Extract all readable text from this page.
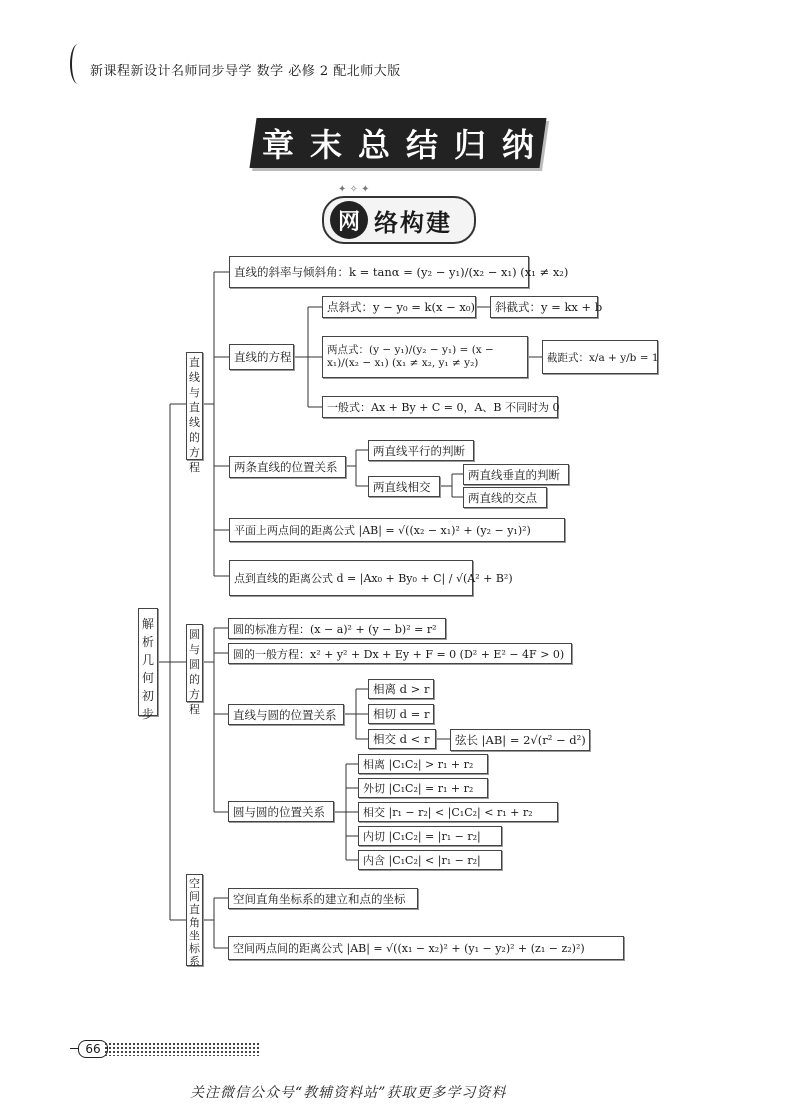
新课程新设计名师同步导学 数学 必修 2 配北师大版
章 末 总 结 归 纳
✦ ✧ ✦
网 络构建
解析几何初步
直线与直线的方程
圆与圆的方程
空间直角坐标系
直线的斜率与倾斜角：k = tanα = (y₂ − y₁)/(x₂ − x₁) (x₁ ≠ x₂)
直线的方程
点斜式：y − y₀ = k(x − x₀)	斜截式：y = kx + b
两点式：(y − y₁)/(y₂ − y₁) = (x − x₁)/(x₂ − x₁) (x₁ ≠ x₂, y₁ ≠ y₂)	截距式：x/a + y/b = 1
一般式：Ax + By + C = 0，A、B 不同时为 0
两条直线的位置关系
两直线平行的判断
两直线相交
两直线垂直的判断
两直线的交点
平面上两点间的距离公式 |AB| = √((x₂ − x₁)² + (y₂ − y₁)²)
点到直线的距离公式 d = |Ax₀ + By₀ + C| / √(A² + B²)
圆的标准方程：(x − a)² + (y − b)² = r²
圆的一般方程：x² + y² + Dx + Ey + F = 0 (D² + E² − 4F > 0)
直线与圆的位置关系
相离 d > r
相切 d = r
相交 d < r	弦长 |AB| = 2√(r² − d²)
圆与圆的位置关系
相离 |C₁C₂| > r₁ + r₂
外切 |C₁C₂| = r₁ + r₂
相交 |r₁ − r₂| < |C₁C₂| < r₁ + r₂
内切 |C₁C₂| = |r₁ − r₂|
内含 |C₁C₂| < |r₁ − r₂|
空间直角坐标系的建立和点的坐标
空间两点间的距离公式 |AB| = √((x₁ − x₂)² + (y₁ − y₂)² + (z₁ − z₂)²)
66
关注微信公众号“教辅资料站”获取更多学习资料
